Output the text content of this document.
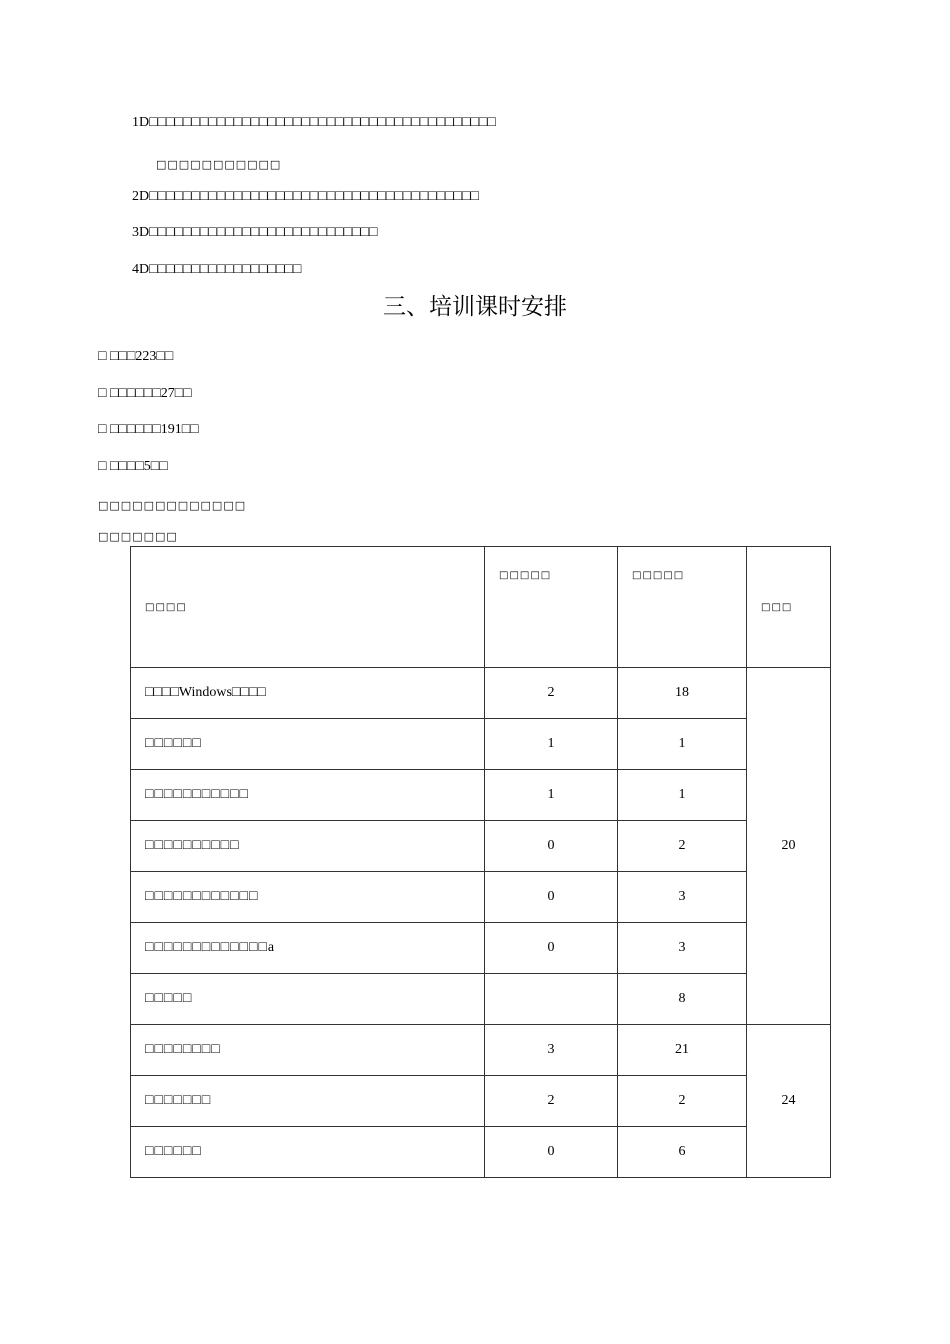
1D□□□□□□□□□□□□□□□□□□□□□□□□□□□□□□□□□□□□□□□□□
□□□□□□□□□□□
2D□□□□□□□□□□□□□□□□□□□□□□□□□□□□□□□□□□□□□□□
3D□□□□□□□□□□□□□□□□□□□□□□□□□□□
4D□□□□□□□□□□□□□□□□□□
三、培训课时安排
□ □□□223□□
□ □□□□□□27□□
□ □□□□□□191□□
□ □□□□5□□
□□□□□□□□□□□□□
□□□□□□□
□□□□	□□□□□	□□□□□	□□□
□□□□Windows□□□□	2	18	20
□□□□□□	1	1	
□□□□□□□□□□□	1	1	
□□□□□□□□□□	0	2	
□□□□□□□□□□□□	0	3	
□□□□□□□□□□□□□a	0	3	
□□□□□		8	
□□□□□□□□	3	21	24
□□□□□□□	2	2	
□□□□□□	0	6	
